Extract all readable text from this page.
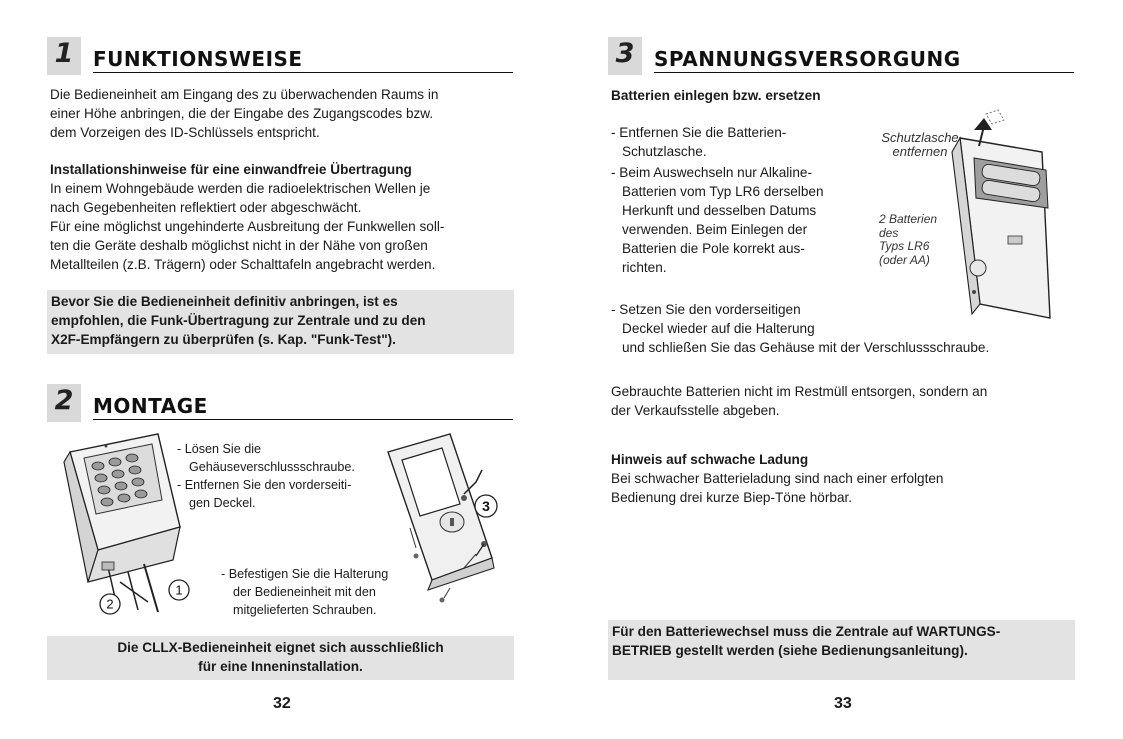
1 FUNKTIONSWEISE
Die Bedieneinheit am Eingang des zu überwachenden Raums in
einer Höhe anbringen, die der Eingabe des Zugangscodes bzw.
dem Vorzeigen des ID-Schlüssels entspricht.
Installationshinweise für eine einwandfreie Übertragung
In einem Wohngebäude werden die radioelektrischen Wellen je
nach Gegebenheiten reflektiert oder abgeschwächt.
Für eine möglichst ungehinderte Ausbreitung der Funkwellen soll-
ten die Geräte deshalb möglichst nicht in der Nähe von großen
Metallteilen (z.B. Trägern) oder Schalttafeln angebracht werden.
Bevor Sie die Bedieneinheit definitiv anbringen, ist es
empfohlen, die Funk-Übertragung zur Zentrale und zu den
X2F-Empfängern zu überprüfen (s. Kap. "Funk-Test").
2 MONTAGE
1
2
- Lösen Sie die
Gehäuseverschlussschraube.
- Entfernen Sie den vorderseiti-
gen Deckel.
- Befestigen Sie die Halterung
der Bedieneinheit mit den
mitgelieferten Schrauben.
3
Die CLLX-Bedieneinheit eignet sich ausschließlich
für eine Inneninstallation.
32
3 SPANNUNGSVERSORGUNG
Batterien einlegen bzw. ersetzen
- Entfernen Sie die Batterien-
Schutzlasche.
- Beim Auswechseln nur Alkaline-
Batterien vom Typ LR6 derselben
Herkunft und desselben Datums
verwenden. Beim Einlegen der
Batterien die Pole korrekt aus-
richten.
- Setzen Sie den vorderseitigen
Deckel wieder auf die Halterung
und schließen Sie das Gehäuse mit der Verschlussschraube.
Schutzlasche
entfernen
2 Batterien
des
Typs LR6
(oder AA)
Gebrauchte Batterien nicht im Restmüll entsorgen, sondern an
der Verkaufsstelle abgeben.
Hinweis auf schwache Ladung
Bei schwacher Batterieladung sind nach einer erfolgten
Bedienung drei kurze Biep-Töne hörbar.
Für den Batteriewechsel muss die Zentrale auf WARTUNGS-
BETRIEB gestellt werden (siehe Bedienungsanleitung).
33
